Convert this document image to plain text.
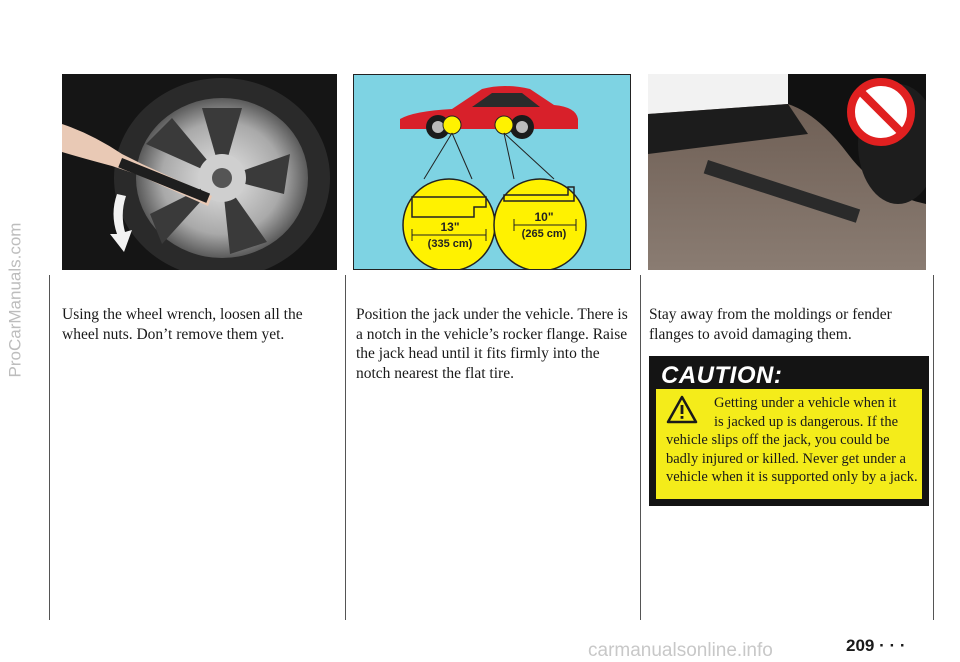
ProCarManuals.com	13"
(335 cm)
10"
(265 cm)
Using the wheel wrench, loosen all the wheel nuts. Don’t remove them yet.
Position the jack under the vehicle. There is a notch in the vehicle’s rocker flange. Raise the jack head until it fits firmly into the notch nearest the flat tire.
Stay away from the moldings or fender flanges to avoid damaging them.
CAUTION:
Getting under a vehicle when it
is jacked up is dangerous. If the
vehicle slips off the jack, you could be badly injured or killed. Never get under a vehicle when it is supported only by a jack.
209 · · ·
carmanualsonline.info
